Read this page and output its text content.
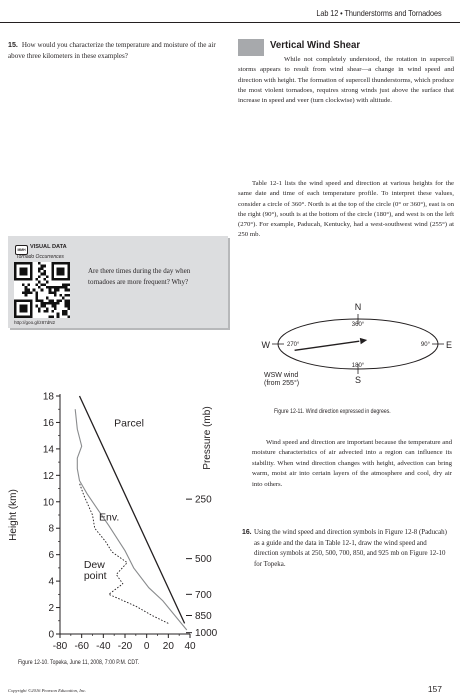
Lab 12 • Thunderstorms and Tornadoes
15. How would you characterize the temperature and moisture of the air above three kilometers in these examples?
Vertical Wind Shear

While not completely understood, the rotation in supercell storms appears to result from wind shear—a change in wind speed and direction with height. The formation of supercell thunderstorms, which produce the most violent tornadoes, requires strong winds just above the surface that increase in speed and veer (turn clockwise) with altitude.

Table 12-1 lists the wind speed and direction at various heights for the same date and time of each temperature profile. To interpret these values, consider a circle of 360°. North is at the top of the circle (0° or 360°), east is on the right (90°), south is at the bottom of the circle (180°), and west is on the left (270°). For example, Paducah, Kentucky, had a west-southwest wind (255°) at 250 mb.

MMH VISUAL DATA
Tornado Occurrences
http://goo.gl/z87dN2
Are there times during the day when tornadoes are more frequent? Why?
N
360°
W	270°	E
90°
180°
S
WSW wind
(from 255°)
Figure 12-11. Wind direction expressed in degrees.

Wind speed and direction are important because the temperature and moisture characteristics of air advected into a region can influence its stability. When wind direction changes with height, advection can bring warm, moist air into certain layers of the atmosphere and cool, dry air into others.

16. Using the wind speed and direction symbols in Figure 12-8 (Paducah) as a guide and the data in Table 12-1, draw the wind speed and direction symbols at 250, 500, 700, 850, and 925 mb on Figure 12-10 for Topeka.
0
2
4
6
8
10
12
14
16
18
-80 -60 -40 -20 0 20 40
Height (km)
Pressure (mb)
250
500
700
850
1000
Parcel
Env.
Dew
point
Figure 12-10. Topeka, June 11, 2008, 7:00 P.M. CDT.
Copyright ©2016 Pearson Education, Inc.	157
